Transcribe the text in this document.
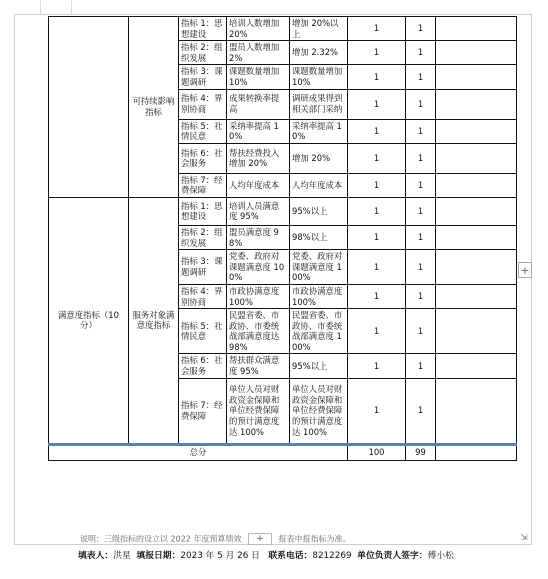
	可持续影响指标	指标 1：思想建设	培训人数增加 20%	增加 20%以上	1	1	
		指标 2：组织发展	盟员人数增加 2%	增加 2.32%	1	1	
		指标 3：课题调研	课题数量增加 10%	课题数量增加 10%	1	1	
		指标 4：界别协商	成果转换率提高	调研成果得到相关部门采纳	1	1	
		指标 5：社情民意	采纳率提高 10%	采纳率提高 10%	1	1	
		指标 6：社会服务	帮扶经费投入增加 20%	增加 20%	1	1	
		指标 7：经费保障	人均年度成本	人均年度成本	1	1	
满意度指标（10 分）	服务对象满意度指标	指标 1：思想建设	培训人员满意度 95%	95%以上	1	1	
		指标 2：组织发展	盟员满意度 98%	98%以上	1	1	
		指标 3：课题调研	党委、政府对课题满意度 100%	党委、政府对课题满意度 100%	1	1	
		指标 4：界别协商	市政协满意度 100%	市政协满意度 100%	1	1	
		指标 5：社情民意	民盟省委、市政协、市委统战部满意度达 98%	民盟省委、市政协、市委统战部满意度 100%	1	1	
		指标 6：社会服务	帮扶群众满意度 95%	95%以上	1	1	
		指标 7：经费保障	单位人员对财政资金保障和单位经费保障的预计满意度达 100%	单位人员对财政资金保障和单位经费保障的预计满意度达 100%	1	1	
总分					100	99	
+
说明：三级指标的设立以 2022 年度预算绩效 + 报表申报指标为准。	⇲
填表人：洪星 填报日期：2023 年 5 月 26 日 联系电话：8212269 单位负责人签字：傅小松
